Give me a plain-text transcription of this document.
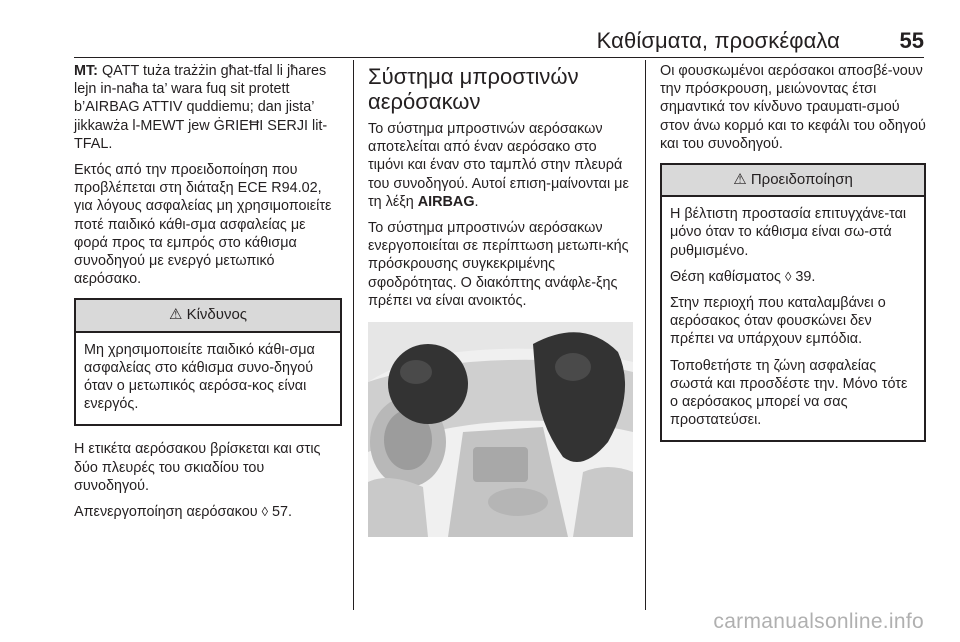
Καθίσματα, προσκέφαλα	55

MT: QATT tuża trażżin għat-tfal li jħares lejn in-naħa ta’ wara fuq sit protett b’AIRBAG ATTIV quddiemu; dan jista’ jikkawża l-MEWT jew ĠRIEĦI SERJI lit-TFAL.

Εκτός από την προειδοποίηση που προβλέπεται στη διάταξη ECE R94.02, για λόγους ασφαλείας μη χρησιμοποιείτε ποτέ παιδικό κάθι-σμα ασφαλείας με φορά προς τα εμπρός στο κάθισμα συνοδηγού με ενεργό μετωπικό αερόσακο.

⚠ Κίνδυνος

Μη χρησιμοποιείτε παιδικό κάθι-σμα ασφαλείας στο κάθισμα συνο-δηγού όταν ο μετωπικός αερόσα-κος είναι ενεργός.

Η ετικέτα αερόσακου βρίσκεται και στις δύο πλευρές του σκιαδίου του συνοδηγού.

Απενεργοποίηση αερόσακου ◊ 57.

Σύστημα μπροστινών αερόσακων

Το σύστημα μπροστινών αερόσακων αποτελείται από έναν αερόσακο στο τιμόνι και έναν στο ταμπλό στην πλευρά του συνοδηγού. Αυτοί επιση-μαίνονται με τη λέξη AIRBAG.

Το σύστημα μπροστινών αερόσακων ενεργοποιείται σε περίπτωση μετωπι-κής πρόσκρουσης συγκεκριμένης σφοδρότητας. Ο διακόπτης ανάφλε-ξης πρέπει να είναι ανοικτός.

Οι φουσκωμένοι αερόσακοι αποσβέ-νουν την πρόσκρουση, μειώνοντας έτσι σημαντικά τον κίνδυνο τραυματι-σμού στον άνω κορμό και το κεφάλι του οδηγού και του συνοδηγού.

⚠ Προειδοποίηση

Η βέλτιστη προστασία επιτυγχάνε-ται μόνο όταν το κάθισμα είναι σω-στά ρυθμισμένο.

Θέση καθίσματος ◊ 39.

Στην περιοχή που καταλαμβάνει ο αερόσακος όταν φουσκώνει δεν πρέπει να υπάρχουν εμπόδια.

Τοποθετήστε τη ζώνη ασφαλείας σωστά και προσδέστε την. Μόνο τότε ο αερόσακος μπορεί να σας προστατεύσει.

carmanualsonline.info
